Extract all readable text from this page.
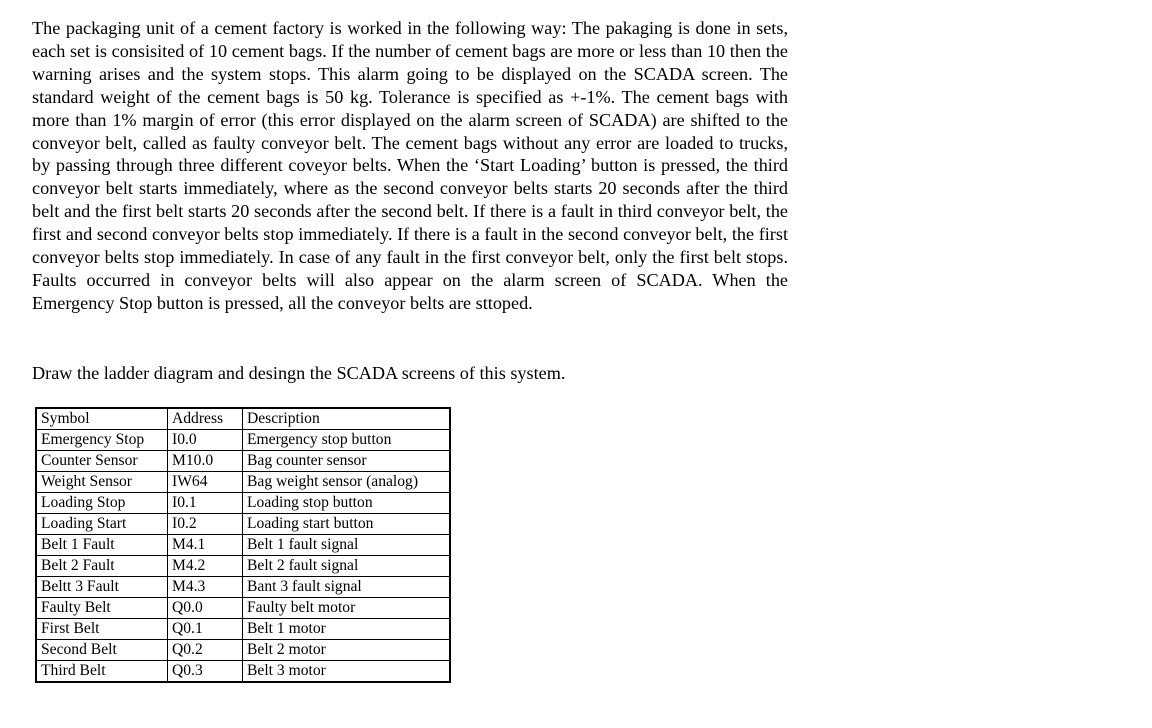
The packaging unit of a cement factory is worked in the following way: The pakaging is done in sets, each set is consisited of 10 cement bags. If the number of cement bags are more or less than 10 then the warning arises and the system stops. This alarm going to be displayed on the SCADA screen. The standard weight of the cement bags is 50 kg. Tolerance is specified as +-1%. The cement bags with more than 1% margin of error (this error displayed on the alarm screen of SCADA) are shifted to the conveyor belt, called as faulty conveyor belt. The cement bags without any error are loaded to trucks, by passing through three different coveyor belts. When the ‘Start Loading’ button is pressed, the third conveyor belt starts immediately, where as the second conveyor belts starts 20 seconds after the third belt and the first belt starts 20 seconds after the second belt. If there is a fault in third conveyor belt, the first and second conveyor belts stop immediately. If there is a fault in the second conveyor belt, the first conveyor belts stop immediately. In case of any fault in the first conveyor belt, only the first belt stops. Faults occurred in conveyor belts will also appear on the alarm screen of SCADA. When the Emergency Stop button is pressed, all the conveyor belts are sttoped.

Draw the ladder diagram and desingn the SCADA screens of this system.

Symbol	Address	Description
Emergency Stop	I0.0	Emergency stop button
Counter Sensor	M10.0	Bag counter sensor
Weight Sensor	IW64	Bag weight sensor (analog)
Loading Stop	I0.1	Loading stop button
Loading Start	I0.2	Loading start button
Belt 1 Fault	M4.1	Belt 1 fault signal
Belt 2 Fault	M4.2	Belt 2 fault signal
Beltt 3 Fault	M4.3	Bant 3 fault signal
Faulty Belt	Q0.0	Faulty belt motor
First Belt	Q0.1	Belt 1 motor
Second Belt	Q0.2	Belt 2 motor
Third Belt	Q0.3	Belt 3 motor
